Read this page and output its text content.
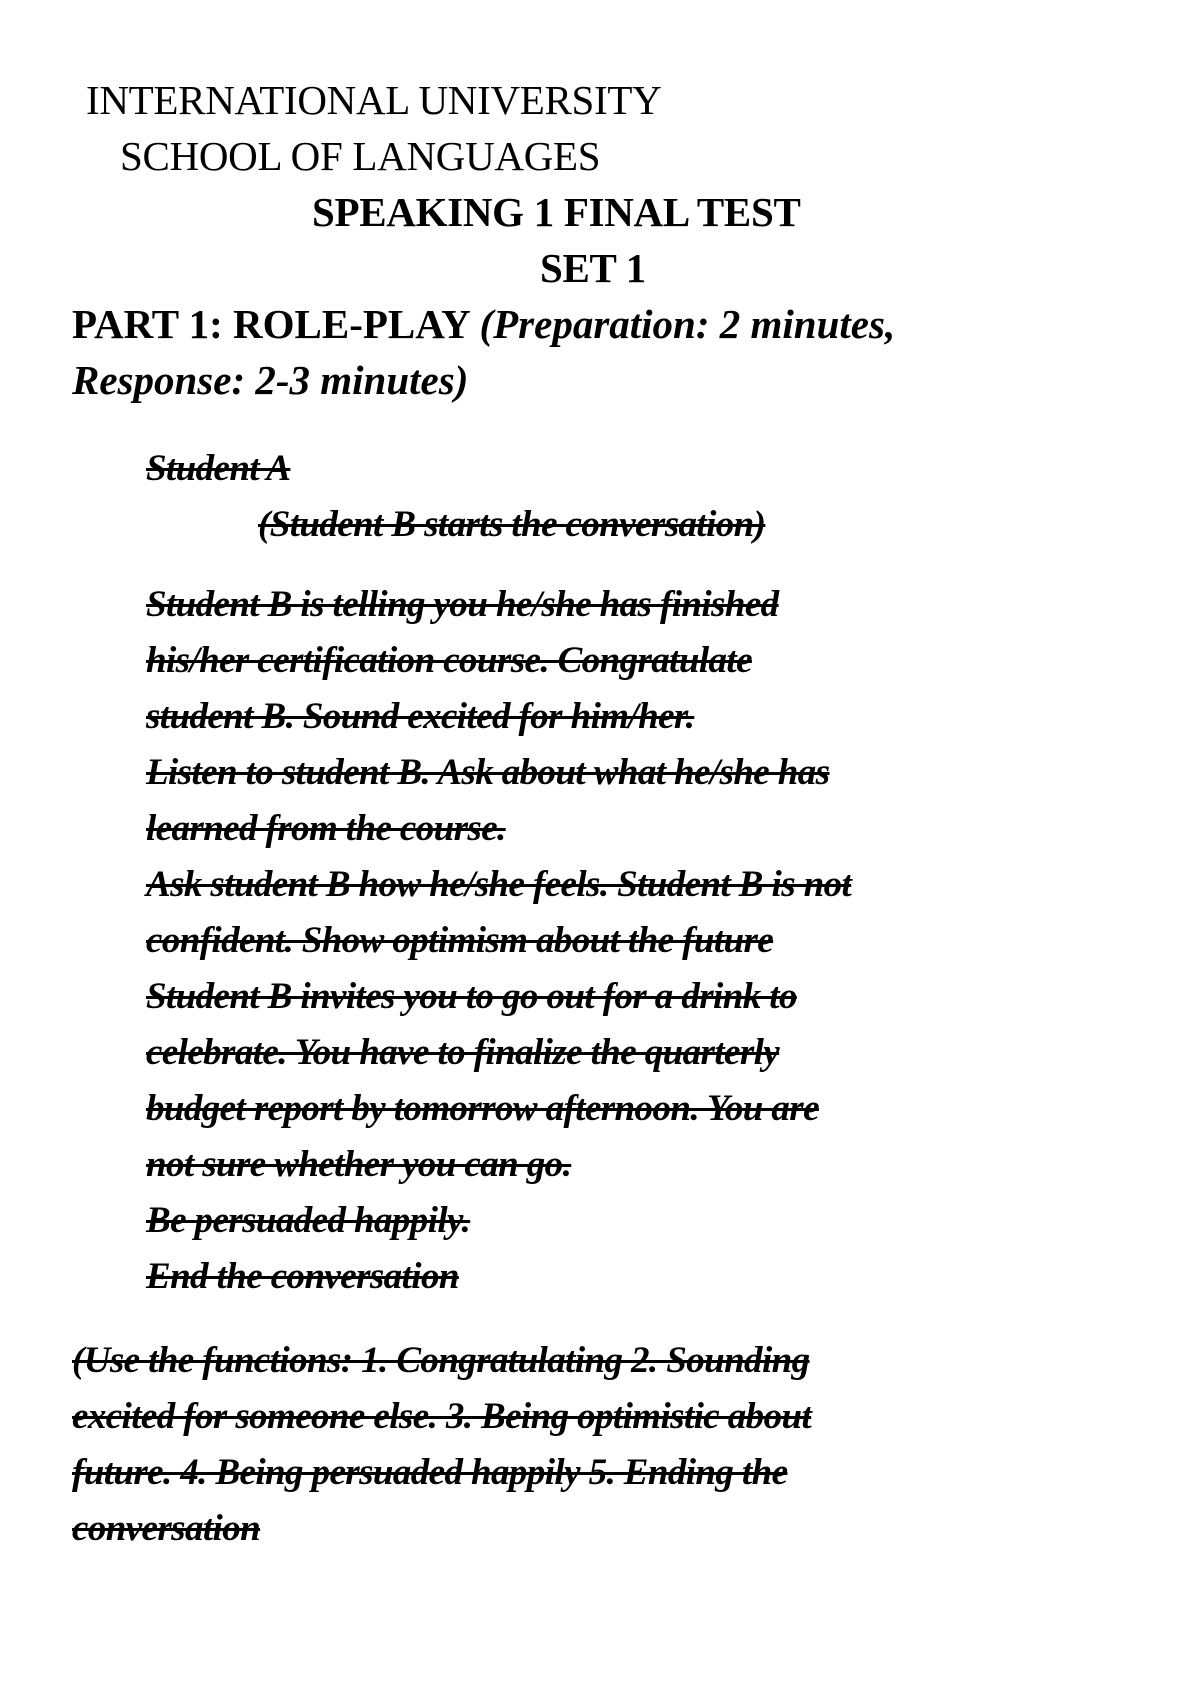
INTERNATIONAL UNIVERSITY
SCHOOL OF LANGUAGES
SPEAKING 1 FINAL TEST
SET 1
PART 1: ROLE-PLAY (Preparation: 2 minutes,
Response: 2-3 minutes)
Student A
(Student B starts the conversation)
Student B is telling you he/she has finished
his/her certification course. Congratulate
student B. Sound excited for him/her.
Listen to student B. Ask about what he/she has
learned from the course.
Ask student B how he/she feels. Student B is not
confident. Show optimism about the future
Student B invites you to go out for a drink to
celebrate. You have to finalize the quarterly
budget report by tomorrow afternoon. You are
not sure whether you can go.
Be persuaded happily.
End the conversation
(Use the functions: 1. Congratulating 2. Sounding
excited for someone else. 3. Being optimistic about
future. 4. Being persuaded happily 5. Ending the
conversation
